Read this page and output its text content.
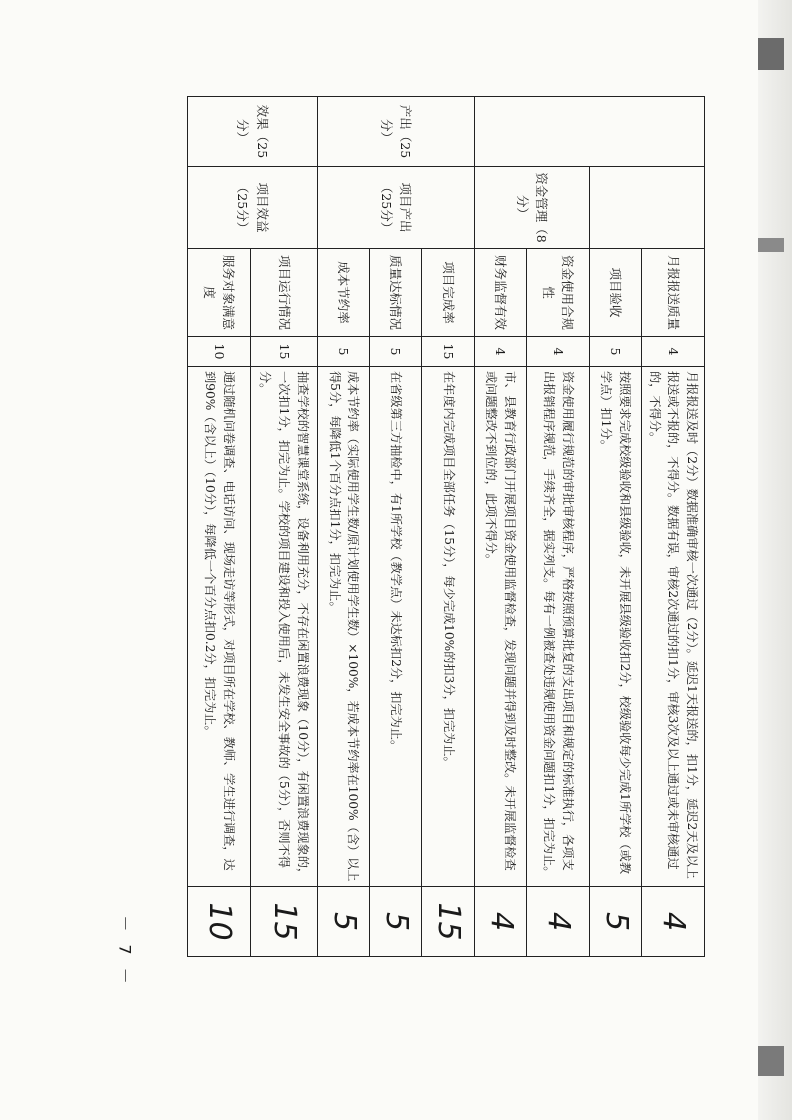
		月报报送质量	4	月报报送及时（2分）数据准确审核一次通过（2分）。延迟1天报送的，扣1分，延迟2天及以上报送或不报的，不得分。数据有误，审核2次通过的扣1分，审核3次及以上通过或未审核通过的，不得分。	4
		项目验收	5	按照要求完成校级验收和县级验收，未开展县级验收扣2分，校级验收每少完成1所学校（或教学点）扣1分。	5
	资金管理（8分）	资金使用合规性	4	资金使用履行规范的审批审核程序，严格按照预算批复的支出项目和规定的标准执行，各项支出报销程序规范，手续齐全，据实列支。每有一例被查处违规使用资金问题扣1分，扣完为止。	4
		财务监督有效	4	市、县教育行政部门开展项目资金使用监督检查，发现问题并得到及时整改。未开展监督检查或问题整改不到位的，此项不得分。	4
产出（25分）	项目产出（25分）	项目完成率	15	在年度内完成项目全部任务（15分），每少完成10%的扣3分，扣完为止。	15
		质量达标情况	5	在省级第三方抽检中，有1所学校（教学点）未达标扣2分，扣完为止。	5
		成本节约率	5	成本节约率（实际使用学生数/原计划使用学生数）×100%，若成本节约率在100%（含）以上得5分，每降低1个百分点扣1分，扣完为止。	5
效果（25分）	项目效益（25分）	项目运行情况	15	抽查学校的智慧课堂系统，设备利用充分，不存在闲置浪费现象（10分），有闲置浪费现象的，一次扣1分，扣完为止。学校的项目建设和投入使用后，未发生安全事故的（5分），否则不得分。	15
		服务对象满意度	10	通过随机问卷调查、电话访问、现场走访等形式，对项目所在学校、教师、学生进行调查，达到90%（含以上）（10分），每降低一个百分点扣0.2分，扣完为止。	10
－ 7 －
